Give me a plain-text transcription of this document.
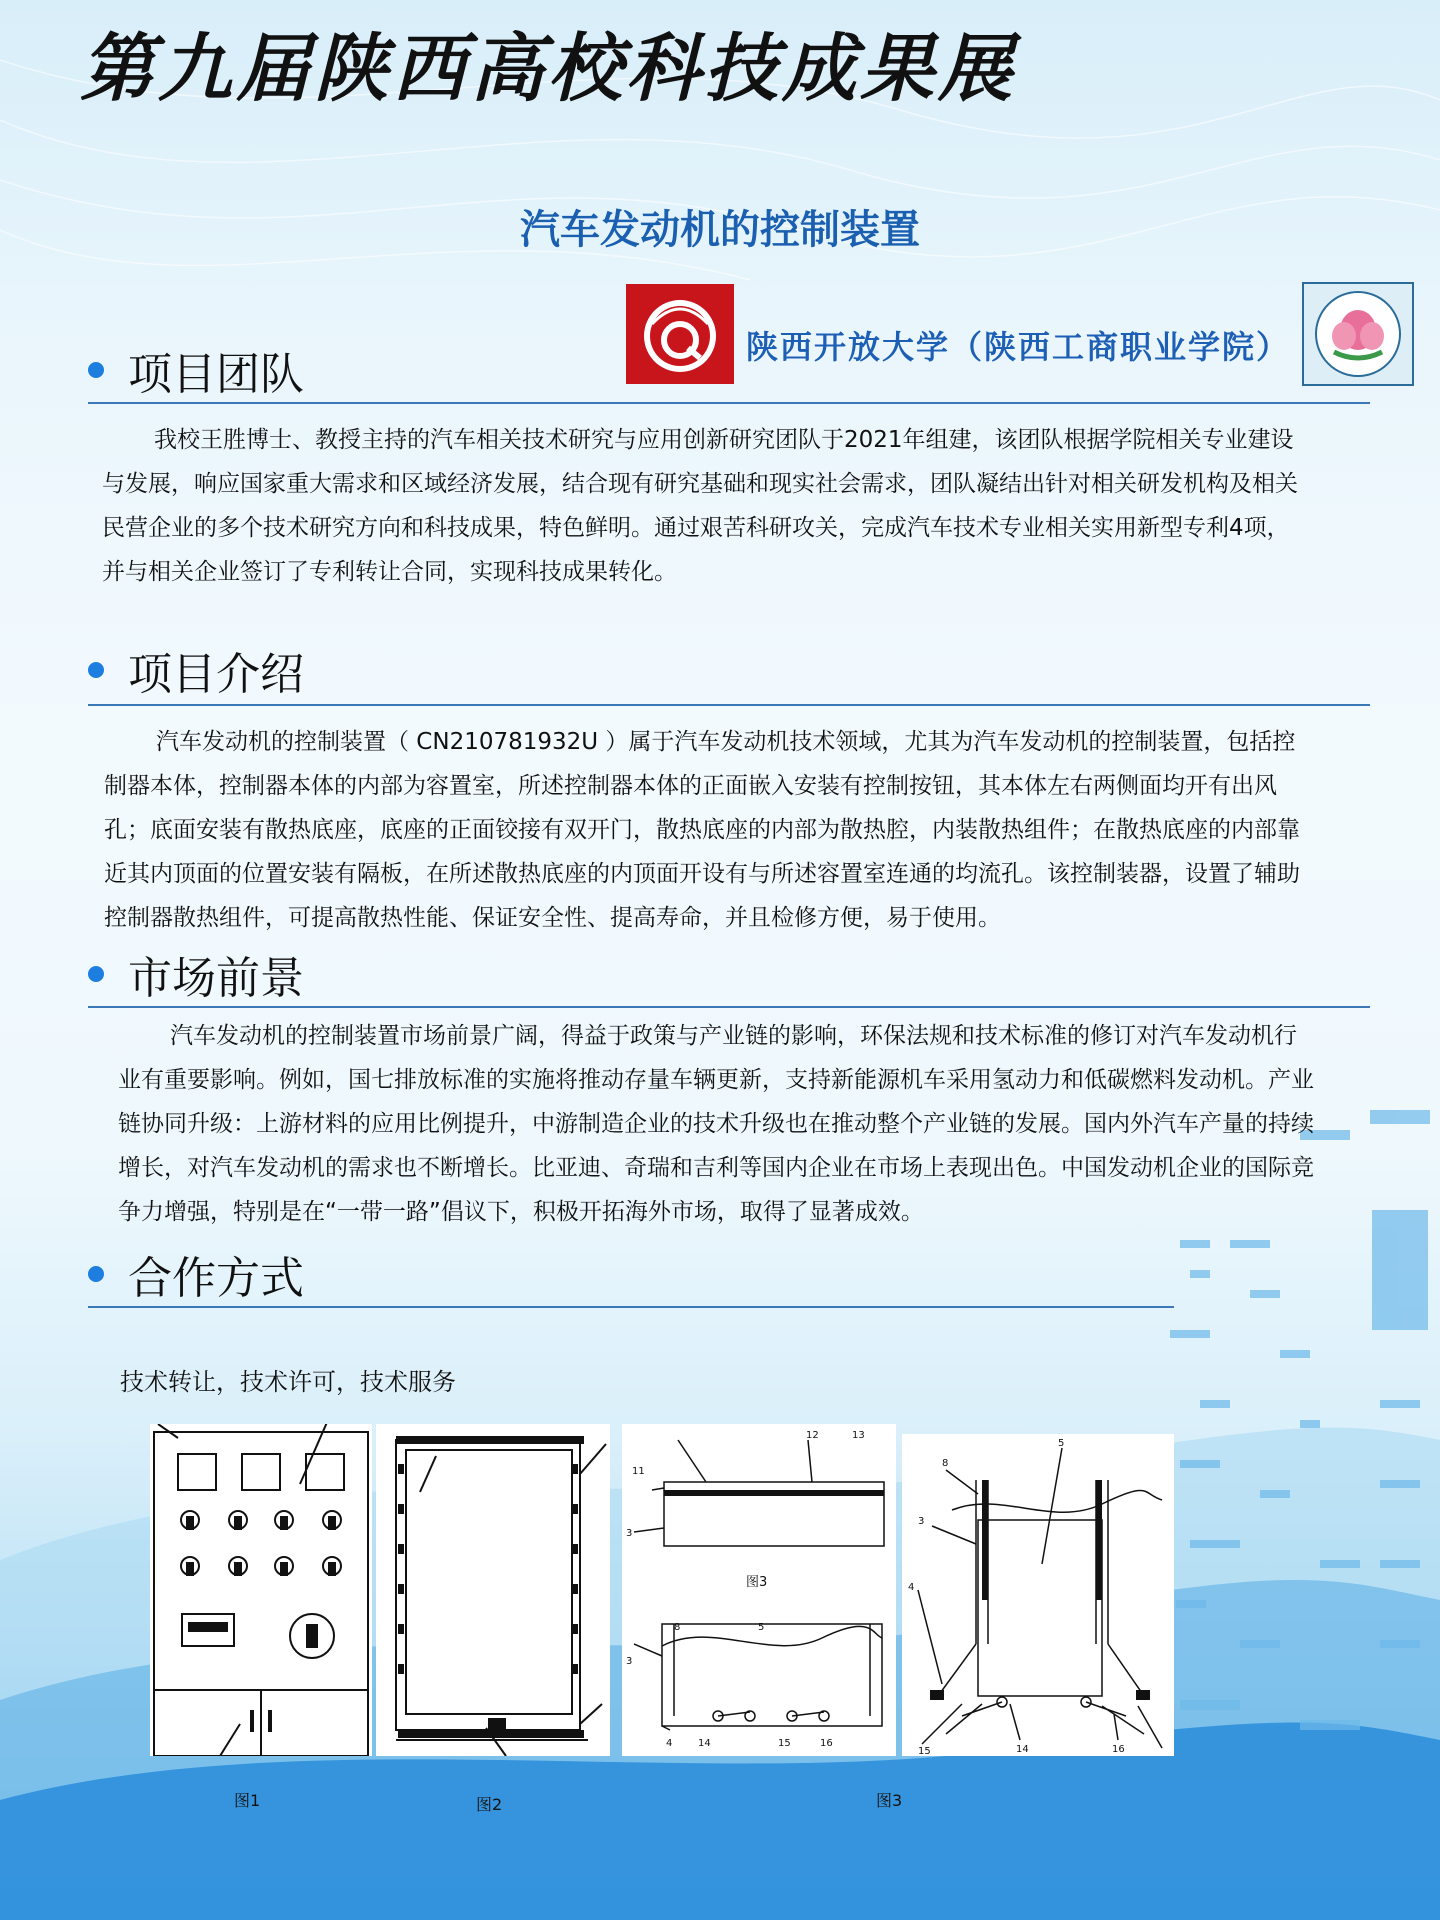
第九届陕西高校科技成果展
汽车发动机的控制装置
陕西开放大学（陕西工商职业学院）
项目团队
我校王胜博士、教授主持的汽车相关技术研究与应用创新研究团队于2021年组建，该团队根据学院相关专业建设与发展，响应国家重大需求和区域经济发展，结合现有研究基础和现实社会需求，团队凝结出针对相关研发机构及相关民营企业的多个技术研究方向和科技成果，特色鲜明。通过艰苦科研攻关，完成汽车技术专业相关实用新型专利4项，并与相关企业签订了专利转让合同，实现科技成果转化。
项目介绍
汽车发动机的控制装置（ CN210781932U ）属于汽车发动机技术领域，尤其为汽车发动机的控制装置，包括控制器本体，控制器本体的内部为容置室，所述控制器本体的正面嵌入安装有控制按钮，其本体左右两侧面均开有出风孔；底面安装有散热底座，底座的正面铰接有双开门，散热底座的内部为散热腔，内装散热组件；在散热底座的内部靠近其内顶面的位置安装有隔板，在所述散热底座的内顶面开设有与所述容置室连通的均流孔。该控制装器，设置了辅助控制器散热组件，可提高散热性能、保证安全性、提高寿命，并且检修方便，易于使用。
市场前景
汽车发动机的控制装置市场前景广阔，得益于政策与产业链的影响，环保法规和技术标准的修订对汽车发动机行业有重要影响。例如，国七排放标准的实施将推动存量车辆更新，支持新能源机车采用氢动力和低碳燃料发动机。产业链协同升级：上游材料的应用比例提升，中游制造企业的技术升级也在推动整个产业链的发展。国内外汽车产量的持续增长，对汽车发动机的需求也不断增长。比亚迪、奇瑞和吉利等国内企业在市场上表现出色。中国发动机企业的国际竞争力增强，特别是在“一带一路”倡议下，积极开拓海外市场，取得了显著成效。
合作方式
技术转让，技术许可，技术服务
图1	图2
11
12	13
3
8	5
3
4	14	15	16
图3
8
5
3
4
15	14	16
图3
